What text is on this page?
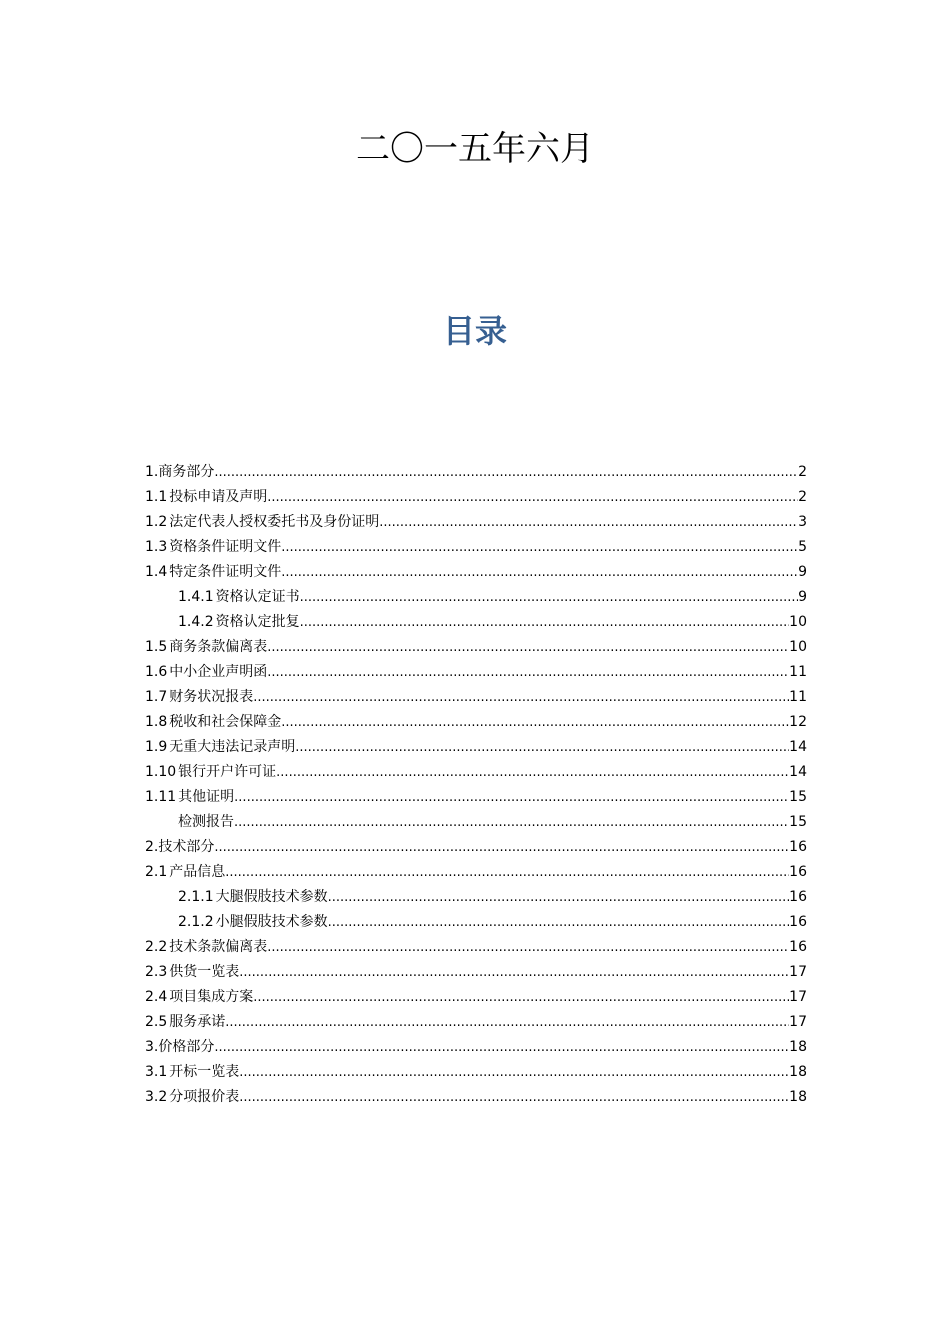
二〇一五年六月
目录
1. 商务部分 .....	2
1.1 投标申请及声明 .....	2
1.2 法定代表人授权委托书及身份证明 .....	3
1.3 资格条件证明文件 .....	5
1.4 特定条件证明文件 .....	9
1.4.1 资格认定证书 .....	9
1.4.2 资格认定批复 .....	10
1.5 商务条款偏离表 .....	10
1.6 中小企业声明函 .....	11
1.7 财务状况报表 .....	11
1.8 税收和社会保障金 .....	12
1.9 无重大违法记录声明 .....	14
1.10 银行开户许可证 .....	14
1.11 其他证明 .....	15
检测报告 .....	15
2. 技术部分 .....	16
2.1 产品信息 .....	16
2.1.1 大腿假肢技术参数 .....	16
2.1.2 小腿假肢技术参数 .....	16
2.2 技术条款偏离表 .....	16
2.3 供货一览表 .....	17
2.4 项目集成方案 .....	17
2.5 服务承诺 .....	17
3. 价格部分 .....	18
3.1 开标一览表 .....	18
3.2 分项报价表 .....	18
